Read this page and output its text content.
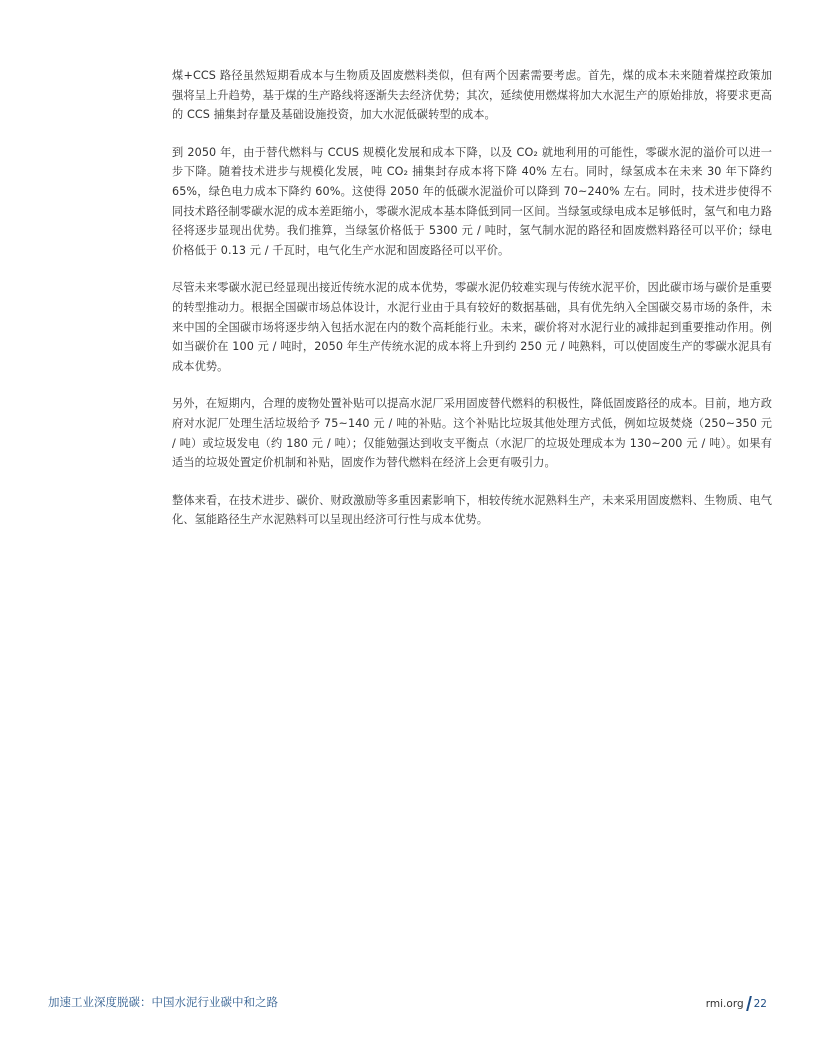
煤+CCS 路径虽然短期看成本与生物质及固废燃料类似，但有两个因素需要考虑。首先，煤的成本未来随着煤控政策加强将呈上升趋势，基于煤的生产路线将逐渐失去经济优势；其次，延续使用燃煤将加大水泥生产的原始排放，将要求更高的 CCS 捕集封存量及基础设施投资，加大水泥低碳转型的成本。

到 2050 年，由于替代燃料与 CCUS 规模化发展和成本下降，以及 CO₂ 就地利用的可能性，零碳水泥的溢价可以进一步下降。随着技术进步与规模化发展，吨 CO₂ 捕集封存成本将下降 40% 左右。同时，绿氢成本在未来 30 年下降约 65%，绿色电力成本下降约 60%。这使得 2050 年的低碳水泥溢价可以降到 70~240% 左右。同时，技术进步使得不同技术路径制零碳水泥的成本差距缩小，零碳水泥成本基本降低到同一区间。当绿氢或绿电成本足够低时，氢气和电力路径将逐步显现出优势。我们推算，当绿氢价格低于 5300 元 / 吨时，氢气制水泥的路径和固废燃料路径可以平价；绿电价格低于 0.13 元 / 千瓦时，电气化生产水泥和固废路径可以平价。

尽管未来零碳水泥已经显现出接近传统水泥的成本优势，零碳水泥仍较难实现与传统水泥平价，因此碳市场与碳价是重要的转型推动力。根据全国碳市场总体设计，水泥行业由于具有较好的数据基础，具有优先纳入全国碳交易市场的条件，未来中国的全国碳市场将逐步纳入包括水泥在内的数个高耗能行业。未来，碳价将对水泥行业的减排起到重要推动作用。例如当碳价在 100 元 / 吨时，2050 年生产传统水泥的成本将上升到约 250 元 / 吨熟料，可以使固废生产的零碳水泥具有成本优势。

另外，在短期内，合理的废物处置补贴可以提高水泥厂采用固废替代燃料的积极性，降低固废路径的成本。目前，地方政府对水泥厂处理生活垃圾给予 75~140 元 / 吨的补贴。这个补贴比垃圾其他处理方式低，例如垃圾焚烧（250~350 元 / 吨）或垃圾发电（约 180 元 / 吨）；仅能勉强达到收支平衡点（水泥厂的垃圾处理成本为 130~200 元 / 吨）。如果有适当的垃圾处置定价机制和补贴，固废作为替代燃料在经济上会更有吸引力。

整体来看，在技术进步、碳价、财政激励等多重因素影响下，相较传统水泥熟料生产，未来采用固废燃料、生物质、电气化、氢能路径生产水泥熟料可以呈现出经济可行性与成本优势。

加速工业深度脱碳：中国水泥行业碳中和之路	rmi.org 22
